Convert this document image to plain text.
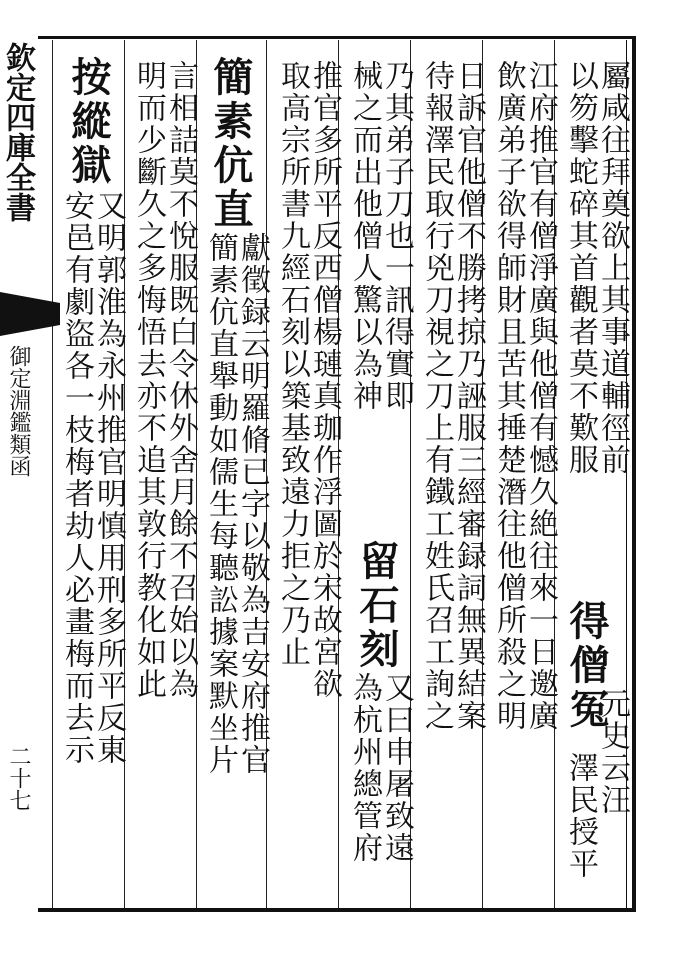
欽定四庫全書
御定淵鑑類函
二十七
屬咸往拜奠欲上其事道輔徑前
以笏擊蛇碎其首觀者莫不歎服
得僧冤
元史云汪
澤民授平
江府推官有僧淨廣與他僧有憾久絶往來一日邀廣
飲廣弟子欲得師財且苦其捶楚潛往他僧所殺之明
日訴官他僧不勝拷掠乃誣服三經審録詞無異結案
待報澤民取行兇刀視之刀上有鐵工姓氏召工詢之
乃其弟子刀也一訊得實即
械之而出他僧人驚以為神
留石刻
又曰申屠致遠
為杭州總管府
推官多所平反西僧楊璉真珈作浮圖於宋故宮欲
取高宗所書九經石刻以築基致遠力拒之乃止
簡素伉直
獻徵録云明羅脩已字以敬為吉安府推官
簡素伉直舉動如儒生每聽訟據案默坐片
言相詰莫不悅服既白令休外舍月餘不召始以為
明而少斷久之多悔悟去亦不追其敦行教化如此
按縱獄
又明郭淮為永州推官明慎用刑多所平反東
安邑有劇盜各一枝梅者劫人必畫梅而去示
